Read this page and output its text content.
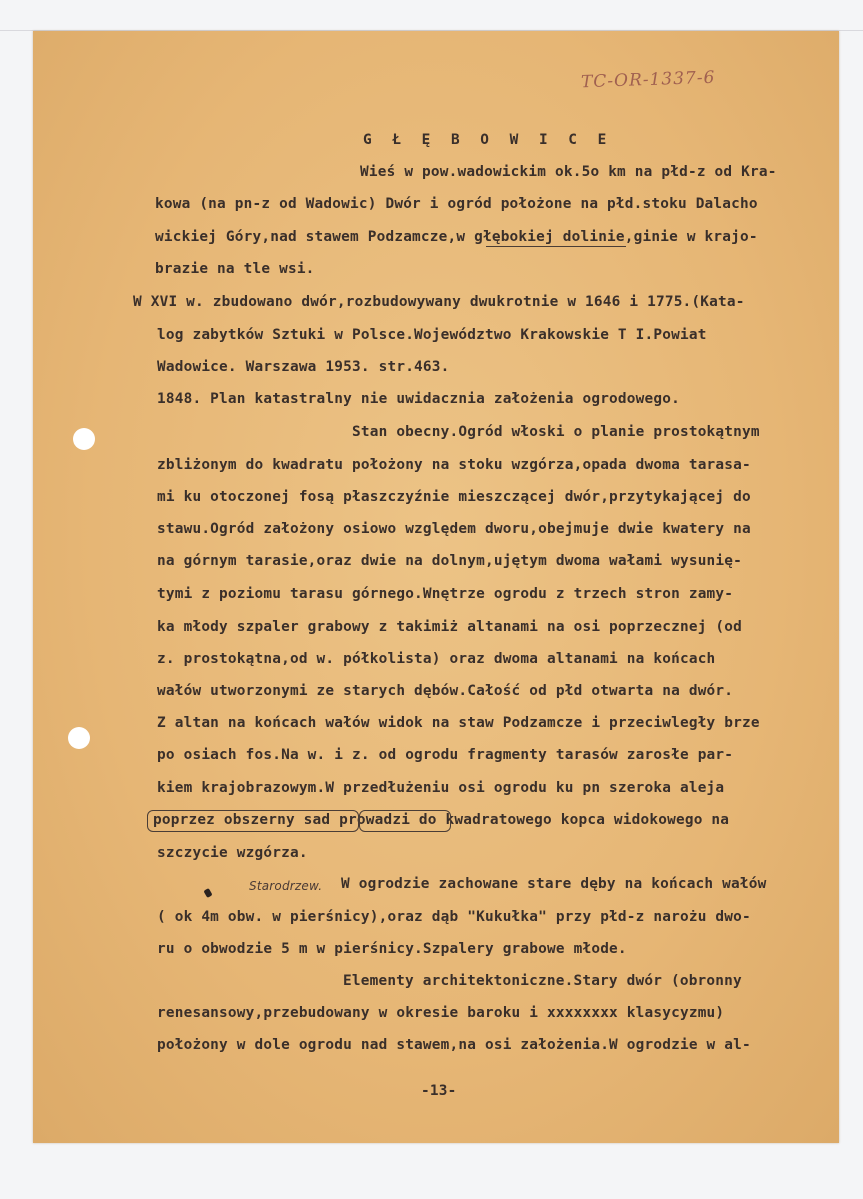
TC-OR-1337-6
G Ł Ę B O W I C E
Wieś w pow.wadowickim ok.5o km na płd-z od Kra-
kowa (na pn-z od Wadowic) Dwór i ogród położone na płd.stoku Dalacho
wickiej Góry,nad stawem Podzamcze,w głębokiej dolinie,ginie w krajo-
brazie na tle wsi.
W XVI w. zbudowano dwór,rozbudowywany dwukrotnie w 1646 i 1775.(Kata-
log zabytków Sztuki w Polsce.Województwo Krakowskie T I.Powiat
Wadowice. Warszawa 1953. str.463.
1848. Plan katastralny nie uwidacznia założenia ogrodowego.
Stan obecny.Ogród włoski o planie prostokątnym
zbliżonym do kwadratu położony na stoku wzgórza,opada dwoma tarasa-
mi ku otoczonej fosą płaszczyźnie mieszczącej dwór,przytykającej do
stawu.Ogród założony osiowo względem dworu,obejmuje dwie kwatery na
na górnym tarasie,oraz dwie na dolnym,ujętym dwoma wałami wysunię-
tymi z poziomu tarasu górnego.Wnętrze ogrodu z trzech stron zamy-
ka młody szpaler grabowy z takimiż altanami na osi poprzecznej (od
z. prostokątna,od w. półkolista) oraz dwoma altanami na końcach
wałów utworzonymi ze starych dębów.Całość od płd otwarta na dwór.
Z altan na końcach wałów widok na staw Podzamcze i przeciwległy brze
po osiach fos.Na w. i z. od ogrodu fragmenty tarasów zarosłe par-
kiem krajobrazowym.W przedłużeniu osi ogrodu ku pn szeroka aleja
poprzez obszerny sad prowadzi do kwadratowego kopca widokowego na
szczycie wzgórza.
Starodrzew. W ogrodzie zachowane stare dęby na końcach wałów
( ok 4m obw. w pierśnicy),oraz dąb "Kukułka" przy płd-z narożu dwo-
ru o obwodzie 5 m w pierśnicy.Szpalery grabowe młode.
Elementy architektoniczne.Stary dwór (obronny
renesansowy,przebudowany w okresie baroku i xxxxxxxx klasycyzmu)
położony w dole ogrodu nad stawem,na osi założenia.W ogrodzie w al-
-13-
